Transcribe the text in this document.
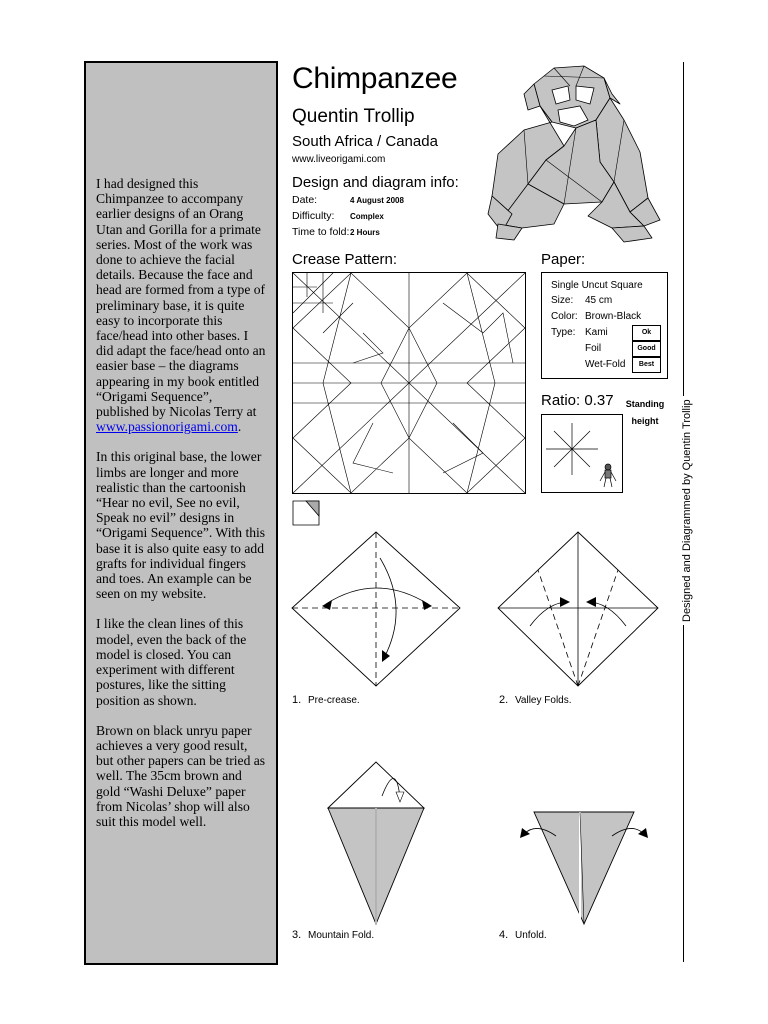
I had designed this Chimpanzee to accompany earlier designs of an Orang Utan and Gorilla for a primate series. Most of the work was done to achieve the facial details. Because the face and head are formed from a type of preliminary base, it is quite easy to incorporate this face/head into other bases. I did adapt the face/head onto an easier base – the diagrams appearing in my book entitled “Origami Sequence”, published by Nicolas Terry at www.passionorigami.com.

In this original base, the lower limbs are longer and more realistic than the cartoonish “Hear no evil, See no evil, Speak no evil” designs in “Origami Sequence”. With this base it is also quite easy to add grafts for individual fingers and toes. An example can be seen on my website.

I like the clean lines of this model, even the back of the model is closed. You can experiment with different postures, like the sitting position as shown.

Brown on black unryu paper achieves a very good result, but other papers can be tried as well. The 35cm brown and gold “Washi Deluxe” paper from Nicolas’ shop will also suit this model well.

Chimpanzee
Quentin Trollip
South Africa / Canada
www.liveorigami.com
Design and diagram info:
Date:	4 August 2008
Difficulty: Complex
Time to fold: 2 Hours
Crease Pattern:	Paper:
Single Uncut Square
Size: 45 cm
Color: Brown-Black
Type: Kami	Ok
Foil	Good
Wet-Fold	Best
Ratio: 0.37 Standing
height
1. Pre-crease.	2. Valley Folds.
3. Mountain Fold.	4. Unfold.
Designed and Diagrammed by Quentin Trollip
